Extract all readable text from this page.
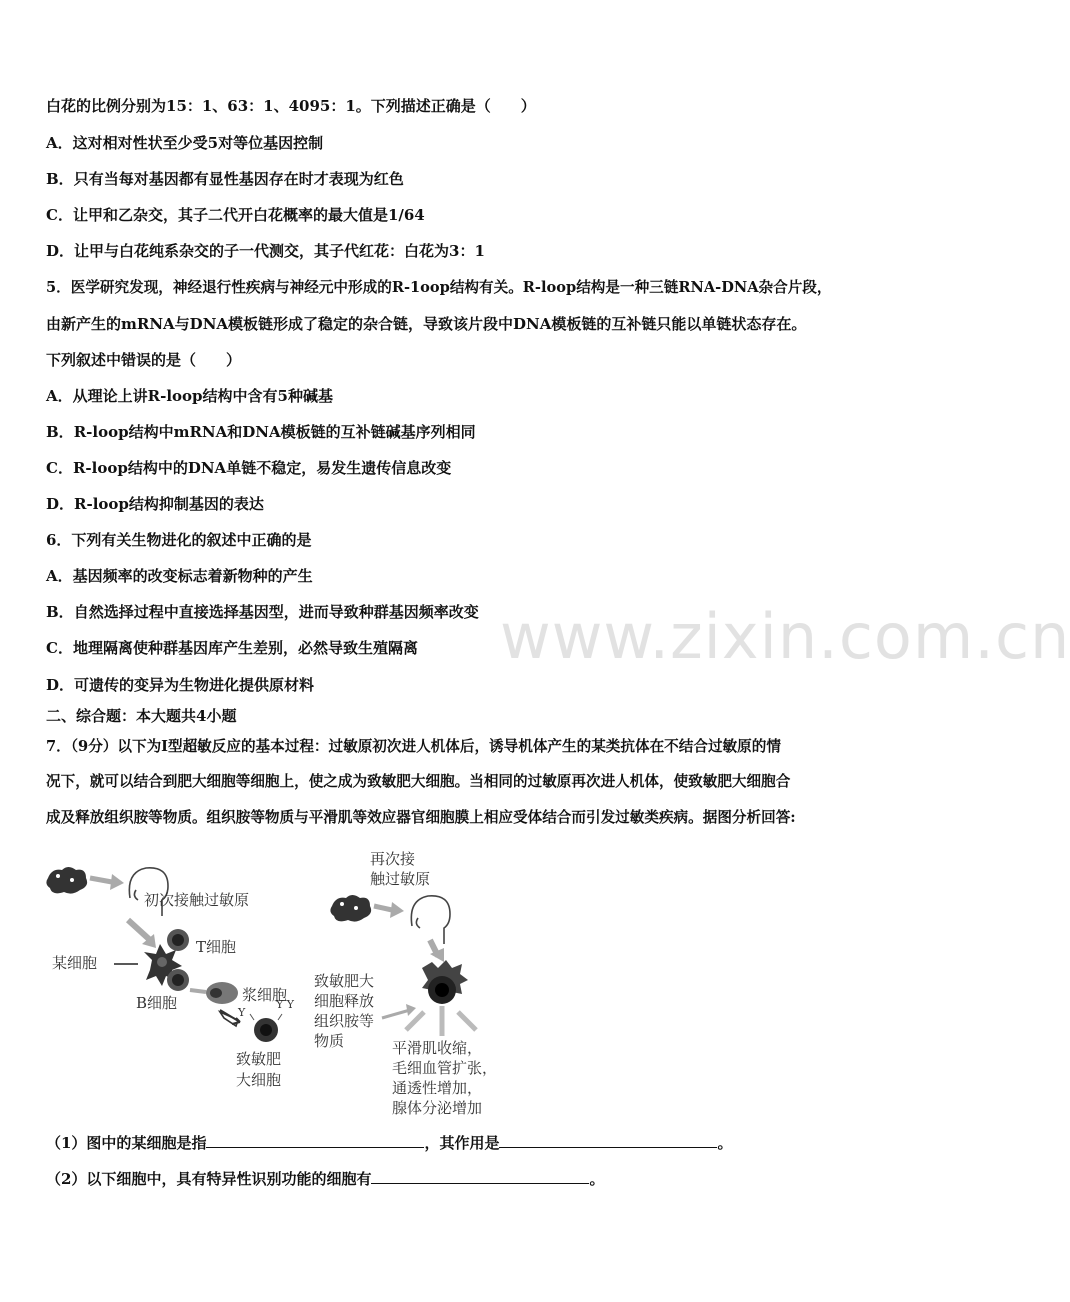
www.zixin.com.cn
白花的比例分别为15：1、63：1、4095：1。下列描述正确是（　　）
A．这对相对性状至少受5对等位基因控制
B．只有当每对基因都有显性基因存在时才表现为红色
C．让甲和乙杂交，其子二代开白花概率的最大值是1/64
D．让甲与白花纯系杂交的子一代测交，其子代红花：白花为3：1
5．医学研究发现，神经退行性疾病与神经元中形成的R-1oop结构有关。R-loop结构是一种三链RNA-DNA杂合片段，
由新产生的mRNA与DNA模板链形成了稳定的杂合链，导致该片段中DNA模板链的互补链只能以单链状态存在。
下列叙述中错误的是（　　）
A．从理论上讲R-loop结构中含有5种碱基
B．R-loop结构中mRNA和DNA模板链的互补链碱基序列相同
C．R-loop结构中的DNA单链不稳定，易发生遗传信息改变
D．R-loop结构抑制基因的表达
6．下列有关生物进化的叙述中正确的是
A．基因频率的改变标志着新物种的产生
B．自然选择过程中直接选择基因型，进而导致种群基因频率改变
C．地理隔离使种群基因库产生差别，必然导致生殖隔离
D．可遗传的变异为生物进化提供原材料
二、综合题：本大题共4小题
7．（9分）以下为I型超敏反应的基本过程：过敏原初次进人机体后，诱导机体产生的某类抗体在不结合过敏原的情
况下，就可以结合到肥大细胞等细胞上，使之成为致敏肥大细胞。当相同的过敏原再次进人机体，使致敏肥大细胞合
成及释放组织胺等物质。组织胺等物质与平滑肌等效应器官细胞膜上相应受体结合而引发过敏类疾病。据图分析回答:
初次接触过敏原
某细胞
T细胞
B细胞	浆细胞
Y
Y Y
致敏肥
大细胞
再次接
触过敏原
致敏肥大
细胞释放
组织胺等
物质	平滑肌收缩，
毛细血管扩张，
通透性增加，
腺体分泌增加
（1）图中的某细胞是指	，其作用是	。
（2）以下细胞中，具有特异性识别功能的细胞有	。
